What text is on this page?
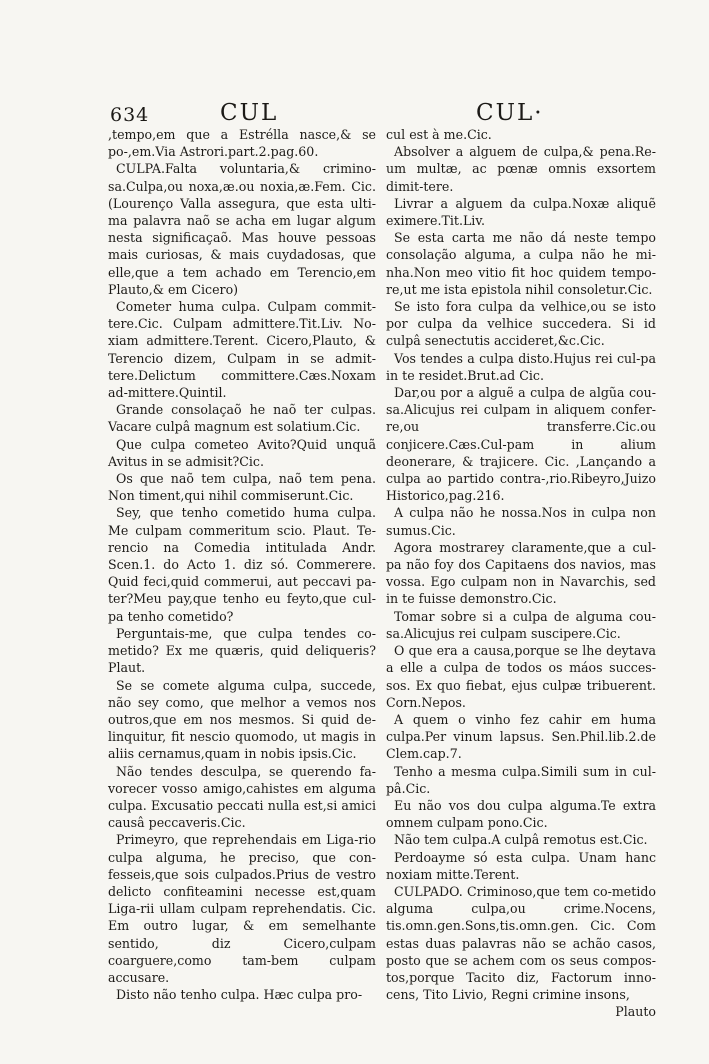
634	CUL	CUL·

,tempo,em que a Estrélla nasce,& se po-,em.Via Astrori.part.2.pag.60.

CULPA.Falta voluntaria,& crimino-sa.Culpa,ou noxa,æ.ou noxia,æ.Fem. Cic. (Lourenço Valla assegura, que esta ulti-ma palavra naõ se acha em lugar algum nesta significaçaõ. Mas houve pessoas mais curiosas, & mais cuydadosas, que elle,que a tem achado em Terencio,em Plauto,& em Cicero)

Cometer huma culpa. Culpam commit-tere.Cic. Culpam admittere.Tit.Liv. No-xiam admittere.Terent. Cicero,Plauto, & Terencio dizem, Culpam in se admit-tere.Delictum committere.Cæs.Noxam ad-mittere.Quintil.

Grande consolaçaõ he naõ ter culpas. Vacare culpâ magnum est solatium.Cic.

Que culpa cometeo Avito?Quid unquã Avitus in se admisit?Cic.

Os que naõ tem culpa, naõ tem pena. Non timent,qui nihil commiserunt.Cic.

Sey, que tenho cometido huma culpa. Me culpam commeritum scio. Plaut. Te-rencio na Comedia intitulada Andr. Scen.1. do Acto 1. diz só. Commerere. Quid feci,quid commerui, aut peccavi pa-ter?Meu pay,que tenho eu feyto,que cul-pa tenho cometido?

Perguntais-me, que culpa tendes co-metido? Ex me quæris, quid deliqueris? Plaut.

Se se comete alguma culpa, succede, não sey como, que melhor a vemos nos outros,que em nos mesmos. Si quid de-linquitur, fit nescio quomodo, ut magis in aliis cernamus,quam in nobis ipsis.Cic.

Não tendes desculpa, se querendo fa-vorecer vosso amigo,cahistes em alguma culpa. Excusatio peccati nulla est,si amici causâ peccaveris.Cic.

Primeyro, que reprehendais em Liga-rio culpa alguma, he preciso, que con-fesseis,que sois culpados.Prius de vestro delicto confiteamini necesse est,quam Liga-rii ullam culpam reprehendatis. Cic. Em outro lugar, & em semelhante sentido, diz Cicero,culpam coarguere,como tam-bem culpam accusare.

Disto não tenho culpa. Hæc culpa pro-

cul est à me.Cic.

Absolver a alguem de culpa,& pena.Re-um multæ, ac pœnæ omnis exsortem dimit-tere.

Livrar a alguem da culpa.Noxæ aliquẽ eximere.Tit.Liv.

Se esta carta me não dá neste tempo consolação alguma, a culpa não he mi-nha.Non meo vitio fit hoc quidem tempo-re,ut me ista epistola nihil consoletur.Cic.

Se isto fora culpa da velhice,ou se isto por culpa da velhice succedera. Si id culpâ senectutis accideret,&c.Cic.

Vos tendes a culpa disto.Hujus rei cul-pa in te residet.Brut.ad Cic.

Dar,ou por a alguẽ a culpa de algũa cou-sa.Alicujus rei culpam in aliquem confer-re,ou transferre.Cic.ou conjicere.Cæs.Cul-pam in alium deonerare, & trajicere. Cic. ,Lançando a culpa ao partido contra-,rio.Ribeyro,Juizo Historico,pag.216.

A culpa não he nossa.Nos in culpa non sumus.Cic.

Agora mostrarey claramente,que a cul-pa não foy dos Capitaens dos navios, mas vossa. Ego culpam non in Navarchis, sed in te fuisse demonstro.Cic.

Tomar sobre si a culpa de alguma cou-sa.Alicujus rei culpam suscipere.Cic.

O que era a causa,porque se lhe deytava a elle a culpa de todos os máos succes-sos. Ex quo fiebat, ejus culpæ tribuerent. Corn.Nepos.

A quem o vinho fez cahir em huma culpa.Per vinum lapsus. Sen.Phil.lib.2.de Clem.cap.7.

Tenho a mesma culpa.Simili sum in cul-pâ.Cic.

Eu não vos dou culpa alguma.Te extra omnem culpam pono.Cic.

Não tem culpa.A culpâ remotus est.Cic.

Perdoayme só esta culpa. Unam hanc noxiam mitte.Terent.

CULPADO. Criminoso,que tem co-metido alguma culpa,ou crime.Nocens, tis.omn.gen.Sons,tis.omn.gen. Cic. Com estas duas palavras não se achão casos, posto que se achem com os seus compos-tos,porque Tacito diz, Factorum inno-cens, Tito Livio, Regni crimine insons,

Plauto
